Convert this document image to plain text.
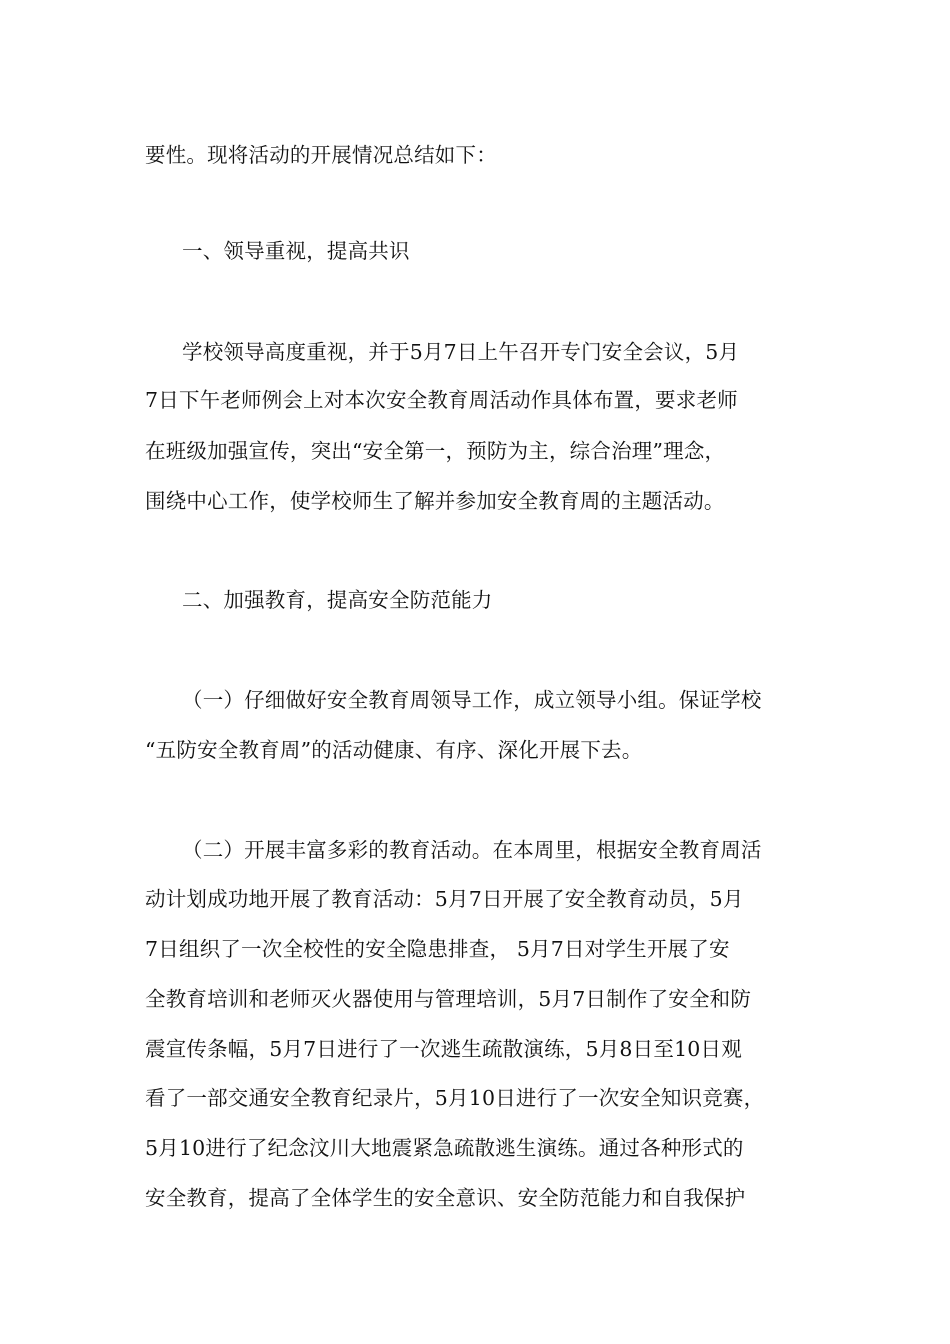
要性。现将活动的开展情况总结如下：
一、领导重视，提高共识
学校领导高度重视，并于5月7日上午召开专门安全会议，5月
7日下午老师例会上对本次安全教育周活动作具体布置，要求老师
在班级加强宣传，突出“安全第一，预防为主，综合治理”理念，
围绕中心工作，使学校师生了解并参加安全教育周的主题活动。
二、加强教育，提高安全防范能力
（一）仔细做好安全教育周领导工作，成立领导小组。保证学校
“五防安全教育周”的活动健康、有序、深化开展下去。
（二）开展丰富多彩的教育活动。在本周里，根据安全教育周活
动计划成功地开展了教育活动：5月7日开展了安全教育动员，5月
7日组织了一次全校性的安全隐患排查， 5月7日对学生开展了安
全教育培训和老师灭火器使用与管理培训，5月7日制作了安全和防
震宣传条幅，5月7日进行了一次逃生疏散演练，5月8日至10日观
看了一部交通安全教育纪录片，5月10日进行了一次安全知识竞赛，
5月10进行了纪念汶川大地震紧急疏散逃生演练。通过各种形式的
安全教育，提高了全体学生的安全意识、安全防范能力和自我保护
